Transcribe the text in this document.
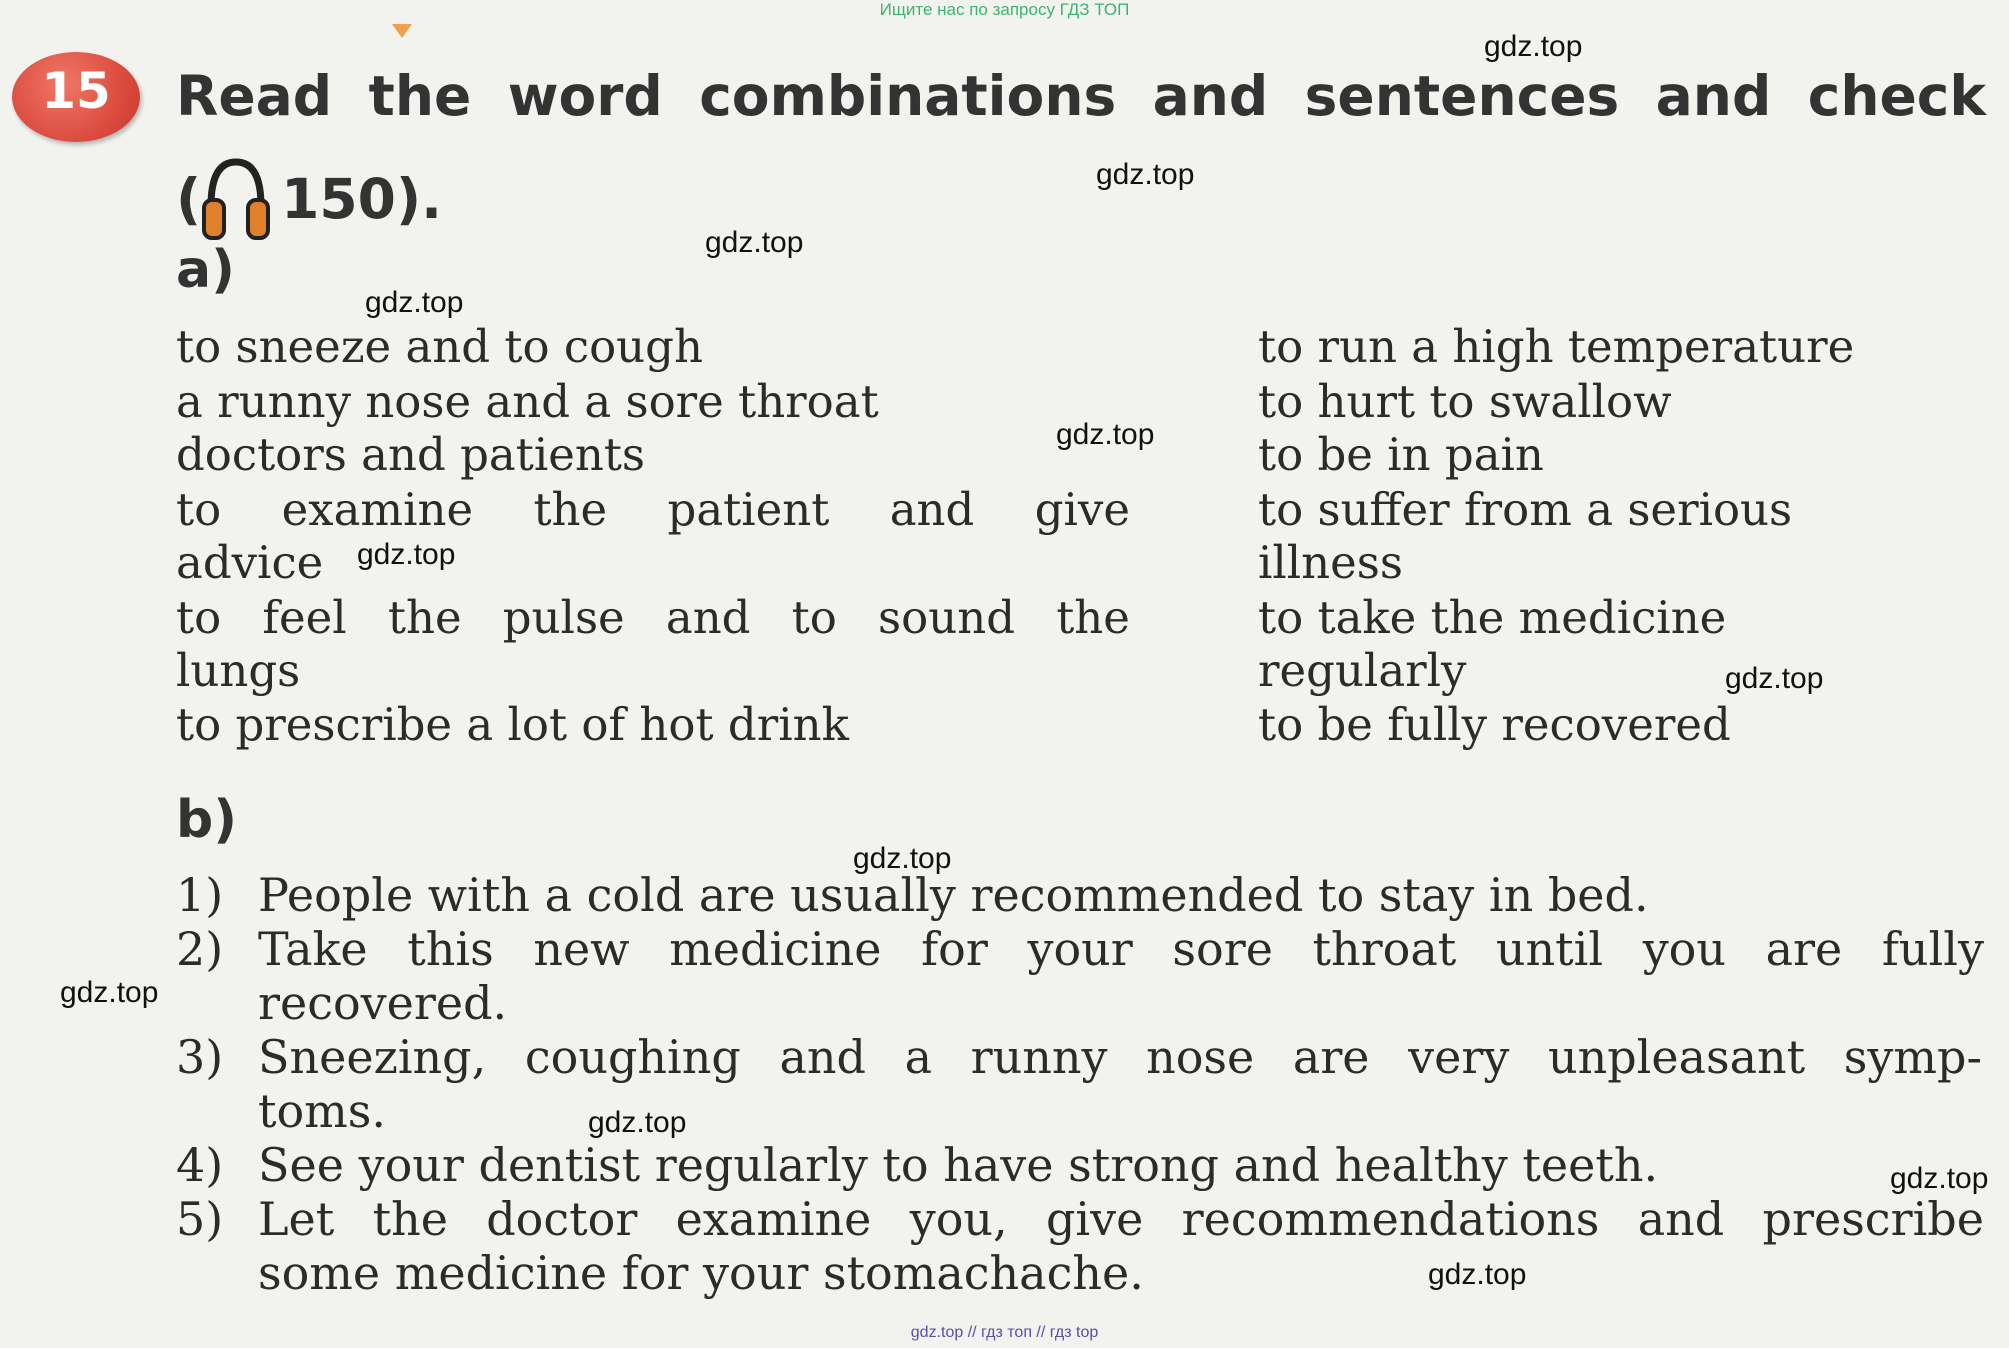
Ищите нас по запросу ГДЗ ТОП
15	Read the word combinations and sentences and check
( 150).
a)
to sneeze and to cough
a runny nose and a sore throat
doctors and patients
to examine the patient and give
advice
to feel the pulse and to sound the
lungs
to prescribe a lot of hot drink
to run a high temperature
to hurt to swallow
to be in pain
to suffer from a serious
illness
to take the medicine
regularly
to be fully recovered
b)
1) People with a cold are usually recommended to stay in bed.
2) Take this new medicine for your sore throat until you are fully
recovered.
3) Sneezing, coughing and a runny nose are very unpleasant symp-
toms.
4) See your dentist regularly to have strong and healthy teeth.
5) Let the doctor examine you, give recommendations and prescribe
some medicine for your stomachache.
gdz.top
gdz.top
gdz.top
gdz.top
gdz.top
gdz.top
gdz.top
gdz.top
gdz.top
gdz.top
gdz.top
gdz.top
gdz.top // гдз топ // гдз top
